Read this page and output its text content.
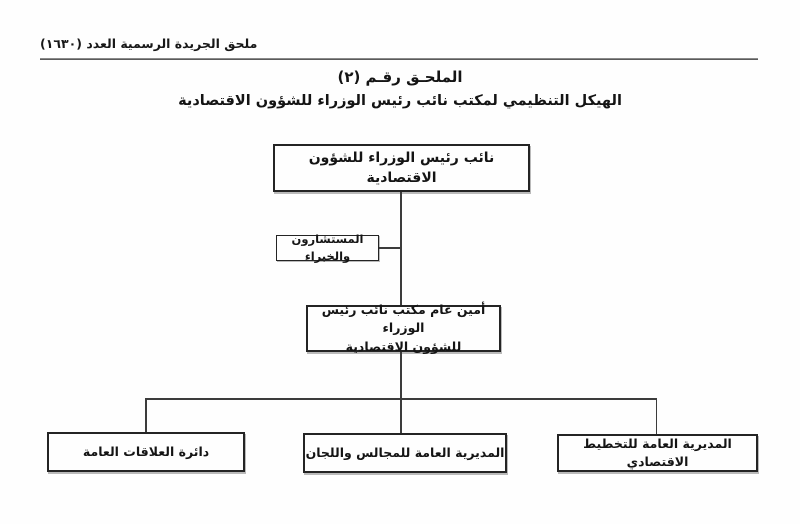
ملحق الجريدة الرسمية العدد (١٦٣٠)
الملحـق رقـم (٢)
الهيكل التنظيمي لمكتب نائب رئيس الوزراء للشؤون الاقتصادية
نائب رئيس الوزراء للشؤون الاقتصادية
المستشارون والخبراء
أمين عام مكتب نائب رئيس الوزراء
للشؤون الاقتصادية
دائرة العلاقات العامة	المديرية العامة للمجالس واللجان
المديرية العامة للتخطيط الاقتصادي
